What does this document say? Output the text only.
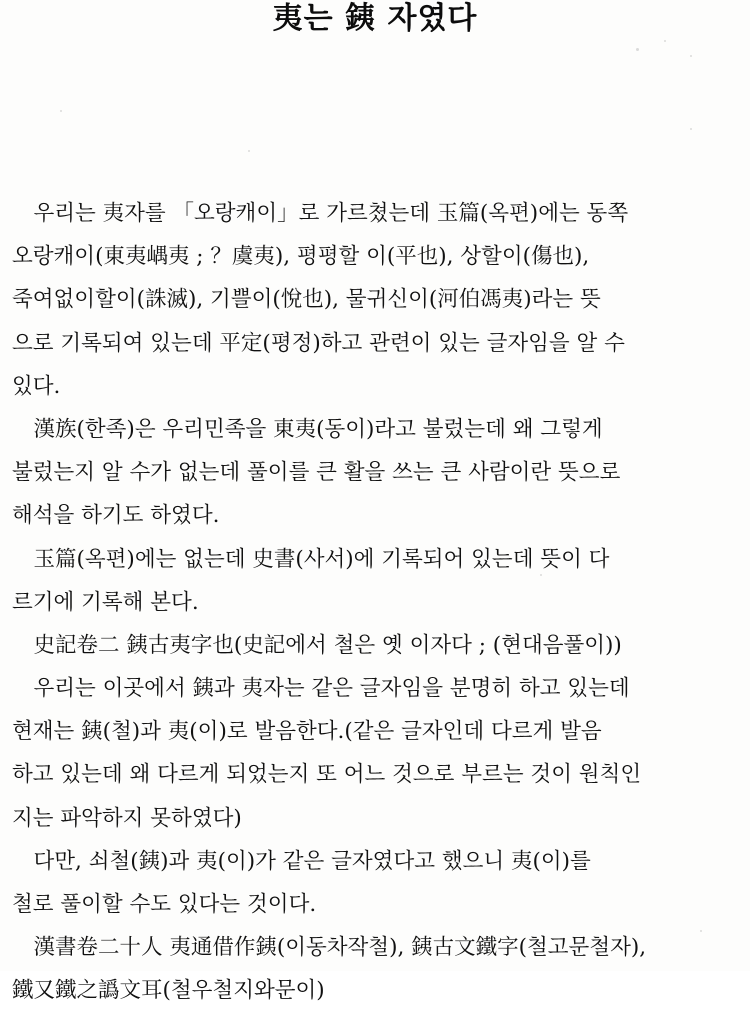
夷는 銕 자였다

　우리는 夷자를 「오랑캐이」로 가르쳤는데 玉篇(옥편)에는 동쪽
오랑캐이(東夷嵎夷 ; ？虞夷), 평평할 이(平也), 상할이(傷也),
죽여없이할이(誅滅), 기쁠이(悅也), 물귀신이(河伯馮夷)라는 뜻
으로 기록되여 있는데 平定(평정)하고 관련이 있는 글자임을 알 수
있다.

　漢族(한족)은 우리민족을 東夷(동이)라고 불렀는데 왜 그렇게
불렀는지 알 수가 없는데 풀이를 큰 활을 쓰는 큰 사람이란 뜻으로
해석을 하기도 하였다.

　玉篇(옥편)에는 없는데 史書(사서)에 기록되어 있는데 뜻이 다
르기에 기록해 본다.

　史記卷二 銕古夷字也(史記에서 철은 옛 이자다 ; (현대음풀이))

　우리는 이곳에서 銕과 夷자는 같은 글자임을 분명히 하고 있는데
현재는 銕(철)과 夷(이)로 발음한다.(같은 글자인데 다르게 발음
하고 있는데 왜 다르게 되었는지 또 어느 것으로 부르는 것이 원칙인
지는 파악하지 못하였다)

　다만, 쇠철(銕)과 夷(이)가 같은 글자였다고 했으니 夷(이)를
철로 풀이할 수도 있다는 것이다.

　漢書卷二十人 夷通借作銕(이동차작철), 銕古文鐵字(철고문철자),
鐵又鐵之譌文耳(철우철지와문이)
